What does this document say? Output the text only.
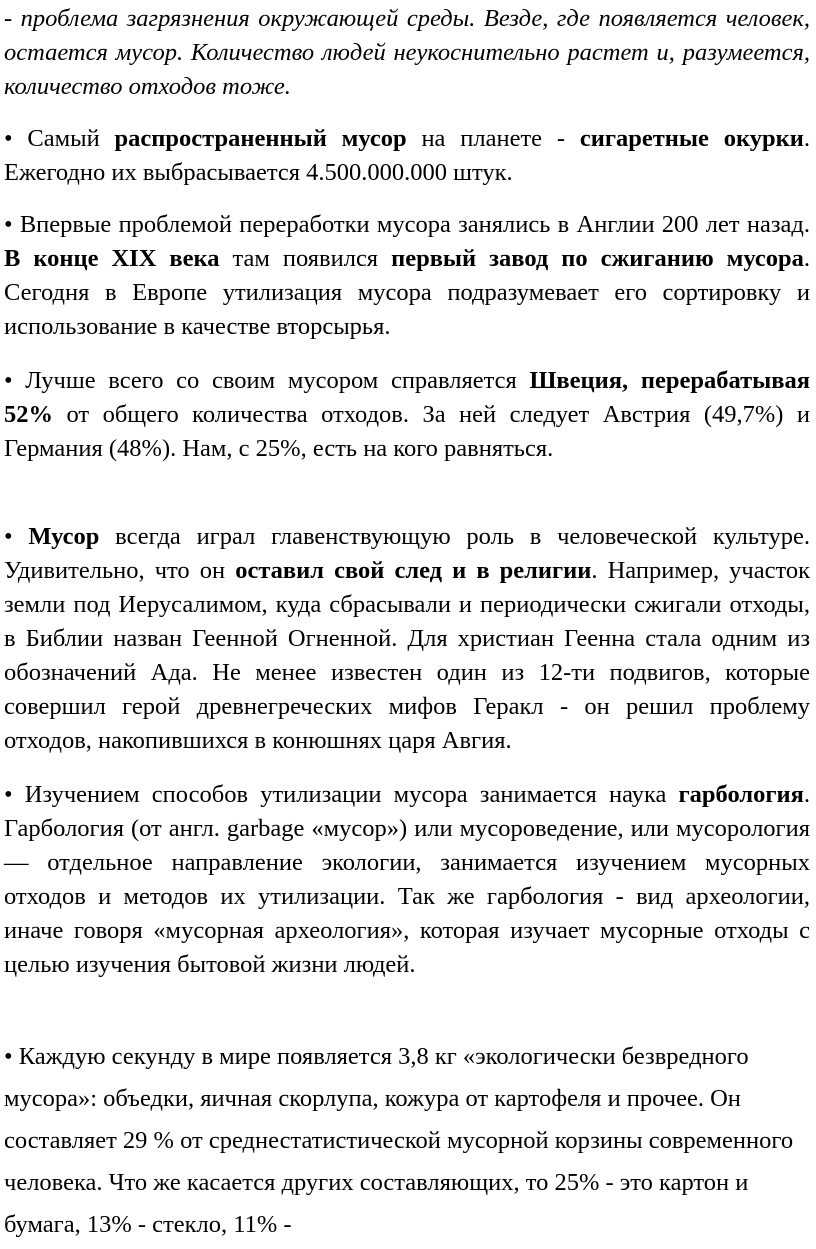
- проблема загрязнения окружающей среды. Везде, где появляется человек, остается мусор. Количество людей неукоснительно растет и, разумеется, количество отходов тоже.

• Самый распространенный мусор на планете - сигаретные окурки. Ежегодно их выбрасывается 4.500.000.000 штук.

• Впервые проблемой переработки мусора занялись в Англии 200 лет назад. В конце XIX века там появился первый завод по сжиганию мусора. Сегодня в Европе утилизация мусора подразумевает его сортировку и использование в качестве вторсырья.

• Лучше всего со своим мусором справляется Швеция, перерабатывая 52% от общего количества отходов. За ней следует Австрия (49,7%) и Германия (48%). Нам, с 25%, есть на кого равняться.

• Мусор всегда играл главенствующую роль в человеческой культуре. Удивительно, что он оставил свой след и в религии. Например, участок земли под Иерусалимом, куда сбрасывали и периодически сжигали отходы, в Библии назван Геенной Огненной. Для христиан Геенна стала одним из обозначений Ада. Не менее известен один из 12-ти подвигов, которые совершил герой древнегреческих мифов Геракл - он решил проблему отходов, накопившихся в конюшнях царя Авгия.

• Изучением способов утилизации мусора занимается наука гарбология. Гарбология (от англ. garbage «мусор») или мусороведение, или мусорология — отдельное направление экологии, занимается изучением мусорных отходов и методов их утилизации. Так же гарбология - вид археологии, иначе говоря «мусорная археология», которая изучает мусорные отходы с целью изучения бытовой жизни людей.

• Каждую секунду в мире появляется 3,8 кг «экологически безвредного мусора»: объедки, яичная скорлупа, кожура от картофеля и прочее. Он составляет 29 % от среднестатистической мусорной корзины современного человека. Что же касается других составляющих, то 25% - это картон и бумага, 13% - стекло, 11% -
